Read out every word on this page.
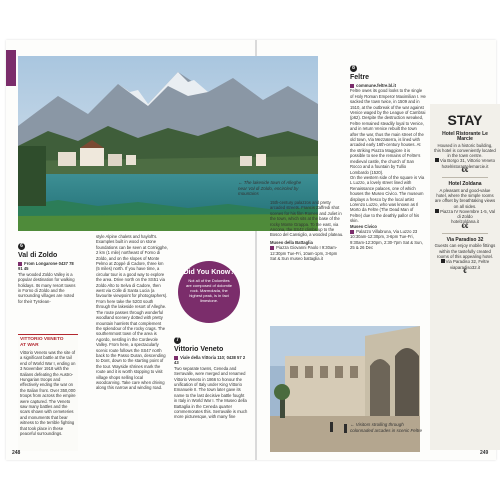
← The lakeside town of Alleghe near Val di Zoldo, encircled by mountains
6
Val di Zoldo
From Longarone 0437 78 91 45
The wooded Zoldo Valley is a popular destination for walking holidays. Its many resort towns in Forno di Zoldo and the surrounding villages are noted for their Tyrolean-
VITTORIO VENETO
AT WAR
Vittorio Veneto was the site of a significant battle at the tail end of World War I, ending on 3 November 1918 with the Italians defeating the Austro-Hungarian troops and effectively ending the war on the Italian front. Over 350,000 troops from across the empire were captured. The Veneto saw many battles and the scars shown with cemeteries and monuments that bear witness to the terrible fighting that took place in these peaceful surroundings.
style Alpine chalets and hayloft's. Examples built in wood on stone foundations can be seen at Cornigghe, 2 km (1 mile) northeast of Forno di Zoldo, and on the slopes of Monte Pelmo at Zoppè di Cadore, three km (5 miles) north. If you have time, a circular tour is a good way to explore the area. Drive north on the SS51 via Zoldo Alto to Selva di Cadore, then west via Colle di Santa Lucia (a favourite viewpoint for photographers). From here take the 5203 south through the lakeside resort of Alleghe. The route passes through wonderful woodland scenery dotted with pretty mountain hamlets that complement the splendour of the rocky crags. The southernmost town of the area is Agordo, nestling in the Cordevole Valley. From here, a spectacularly scenic route follows the SS47 north back to the Passo Duran, descending to Dont, down to the starting point of the tour. Wayside shrines mark the route and it is worth stopping to visit village shops selling local woodcarving. Take care when driving along this narrow and winding road.
Did You Know?
Not all of the Dolomites are composed of dolomite rock. Marmolada, the highest peak, is in fact limestone.
7
Vittorio Veneto
Viale della Vittoria 110; 0438 57 2 43
Two separate towns, Ceneda and Serravalle, were merged and renamed Vittorio Veneto in 1866 to honour the unification of Italy under King Vittorio Emanuele II. The town later gave its name to the last decisive battle fought in Italy in World War I. The Museo della Battaglia in the Ceneda quarter commemorates this. Serravalle is much more picturesque, with many fine
15th-century palazzos and pretty arcaded streets. Francis Zaffredi shot scenes for his film Romeo and Juliet in the town, which sits at the base of the rocky Monte Grappa. To the east, via Ancona, the SS42 climbs up to the Bosco del Cansiglio, a wooded plateau.
Museo della Battaglia
Piazza Giovanni Paolo I 9:30am-12:30pm Tue-Fri, 10am-1pm, 3-6pm Sat & Sun museo battaglia.it
8
Feltre
commune.feltre.bl.it
Feltre owes its good looks to the single of Holy Roman Emperor Maximilian I. He sacked the town twice, in 1509 and in 1510, at the outbreak of the war against Venice waged by the League of Cambrai (p62). Despite the destruction wreaked, Feltre remained steadily loyal to Venice, and in return Venice rebuilt the town after the war, thus the main street of the old town, Via Mezzaterra, is lined with arcaded early 16th-century houses. At the striking Piazza Maggiore it is possible to see the remains of Feltre's medieval castle, the church of San Rocco and a fountain by Tullio Lombardo (1520).
On the western side of the square is Via L Luzzo, a lovely street lined with Renaissance palaces, one of which houses the Museo Civico. The museum displays a fresco by the local artist Lorenzo Luzzo, who was known as Il Morto da Feltre (The Dead Man of Feltre) due to the deathly pallor of his skin.
Museo Civico
Palazzo Villabruna, Via Luzzo 23 10:30am-12:30pm, 3-6pm Tue-Fri, 9:30am-12:30pm, 2:30-7pm Sat & Sun, 25 & 26 Dec
← Visitors strolling through colonnaded arcades in scenic Feltre
STAY
Hotel Ristorante Le Marcie
Housed in a historic building, this hotel is conveniently located in the town centre.
Via Borgo 31, Vittorio Veneto
hotelristorantelemarcie.it
€€
Hotel Zoldana
A pleasant and good-value hotel, where the simple rooms are offset by breathtaking views on all sides.
Piazza IV Novembre 1-5, Val di Zoldo
hotelzoldana.it
€€
Via Paradiso 32
Guests can enjoy mobile fittings within the tastefully created rooms of this appealing hotel.
Via Paradiso 32, Feltre
viaparadiso32.it
€
248	249
